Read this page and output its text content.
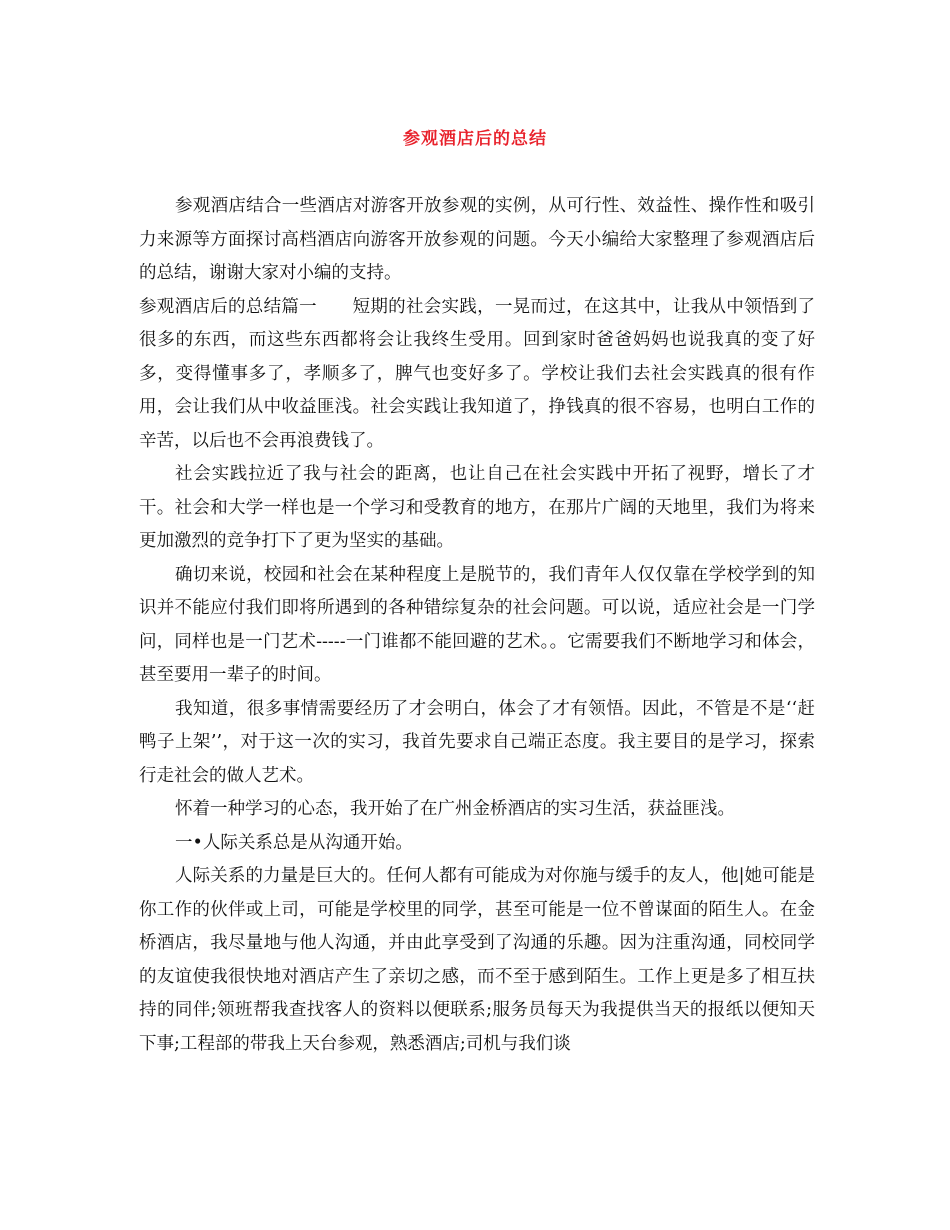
参观酒店后的总结

参观酒店结合一些酒店对游客开放参观的实例，从可行性、效益性、操作性和吸引力来源等方面探讨高档酒店向游客开放参观的问题。今天小编给大家整理了参观酒店后的总结，谢谢大家对小编的支持。

参观酒店后的总结篇一　　短期的社会实践，一晃而过，在这其中，让我从中领悟到了很多的东西，而这些东西都将会让我终生受用。回到家时爸爸妈妈也说我真的变了好多，变得懂事多了，孝顺多了，脾气也变好多了。学校让我们去社会实践真的很有作用，会让我们从中收益匪浅。社会实践让我知道了，挣钱真的很不容易，也明白工作的辛苦，以后也不会再浪费钱了。

社会实践拉近了我与社会的距离，也让自己在社会实践中开拓了视野，增长了才干。社会和大学一样也是一个学习和受教育的地方，在那片广阔的天地里，我们为将来更加激烈的竞争打下了更为坚实的基础。

确切来说，校园和社会在某种程度上是脱节的，我们青年人仅仅靠在学校学到的知识并不能应付我们即将所遇到的各种错综复杂的社会问题。可以说，适应社会是一门学问，同样也是一门艺术-----一门谁都不能回避的艺术。。它需要我们不断地学习和体会，甚至要用一辈子的时间。

我知道，很多事情需要经历了才会明白，体会了才有领悟。因此，不管是不是‘‘赶鸭子上架’’，对于这一次的实习，我首先要求自己端正态度。我主要目的是学习，探索行走社会的做人艺术。

怀着一种学习的心态，我开始了在广州金桥酒店的实习生活，获益匪浅。

一•人际关系总是从沟通开始。

人际关系的力量是巨大的。任何人都有可能成为对你施与缓手的友人，他|她可能是你工作的伙伴或上司，可能是学校里的同学，甚至可能是一位不曾谋面的陌生人。在金桥酒店，我尽量地与他人沟通，并由此享受到了沟通的乐趣。因为注重沟通，同校同学的友谊使我很快地对酒店产生了亲切之感，而不至于感到陌生。工作上更是多了相互扶持的同伴;领班帮我查找客人的资料以便联系;服务员每天为我提供当天的报纸以便知天下事;工程部的带我上天台参观，熟悉酒店;司机与我们谈
